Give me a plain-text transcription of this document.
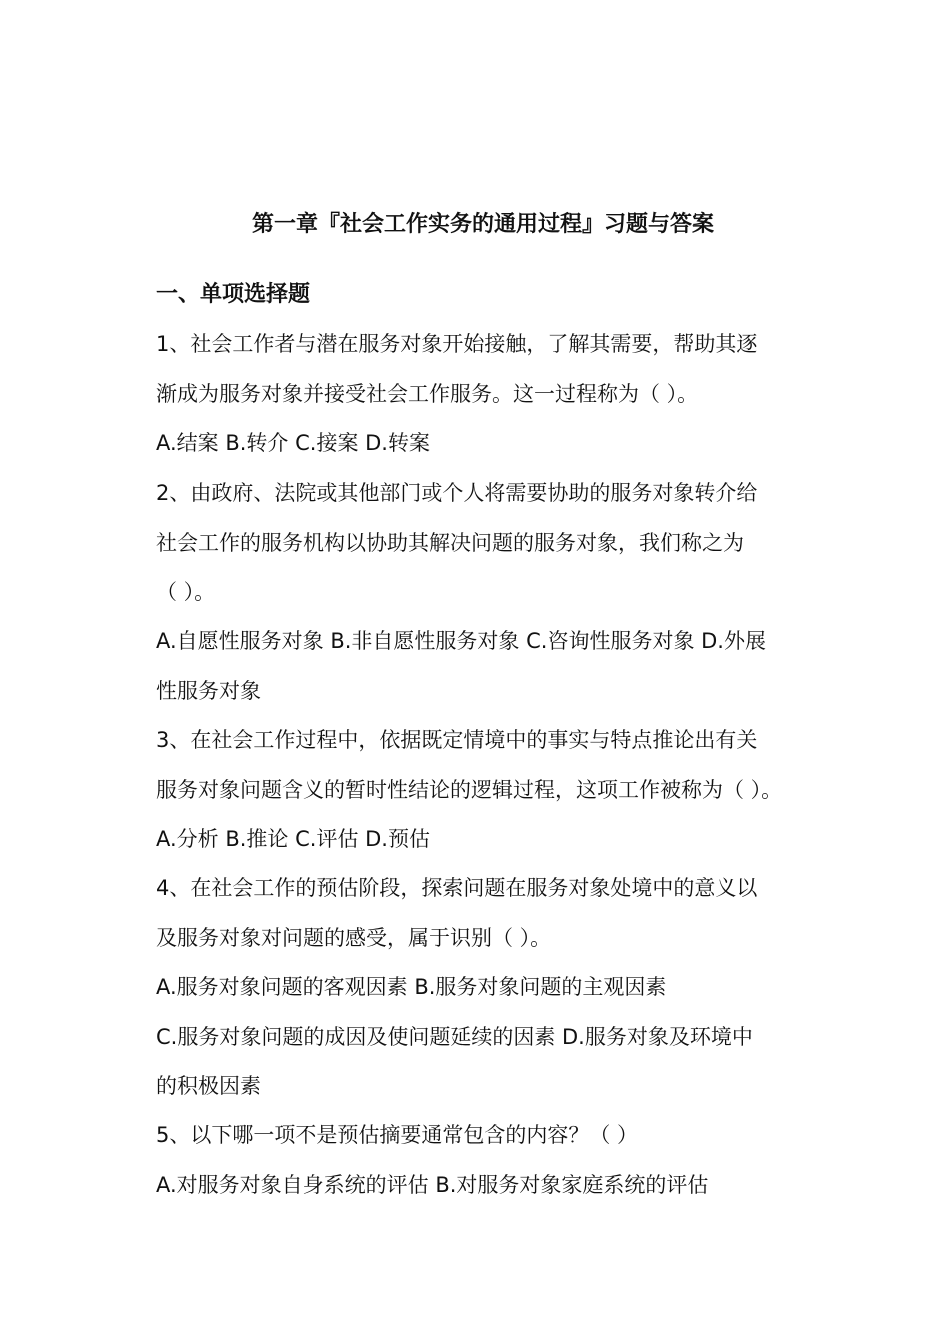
第一章『社会工作实务的通用过程』习题与答案
一、单项选择题
1、社会工作者与潜在服务对象开始接触，了解其需要，帮助其逐
渐成为服务对象并接受社会工作服务。这一过程称为（ ）。
A.结案 B.转介 C.接案 D.转案
2、由政府、法院或其他部门或个人将需要协助的服务对象转介给
社会工作的服务机构以协助其解决问题的服务对象，我们称之为
（ ）。
A.自愿性服务对象 B.非自愿性服务对象 C.咨询性服务对象 D.外展
性服务对象
3、在社会工作过程中，依据既定情境中的事实与特点推论出有关
服务对象问题含义的暂时性结论的逻辑过程，这项工作被称为（ ）。
A.分析 B.推论 C.评估 D.预估
4、在社会工作的预估阶段，探索问题在服务对象处境中的意义以
及服务对象对问题的感受，属于识别（ ）。
A.服务对象问题的客观因素 B.服务对象问题的主观因素
C.服务对象问题的成因及使问题延续的因素 D.服务对象及环境中
的积极因素
5、以下哪一项不是预估摘要通常包含的内容？（ ）
A.对服务对象自身系统的评估 B.对服务对象家庭系统的评估
